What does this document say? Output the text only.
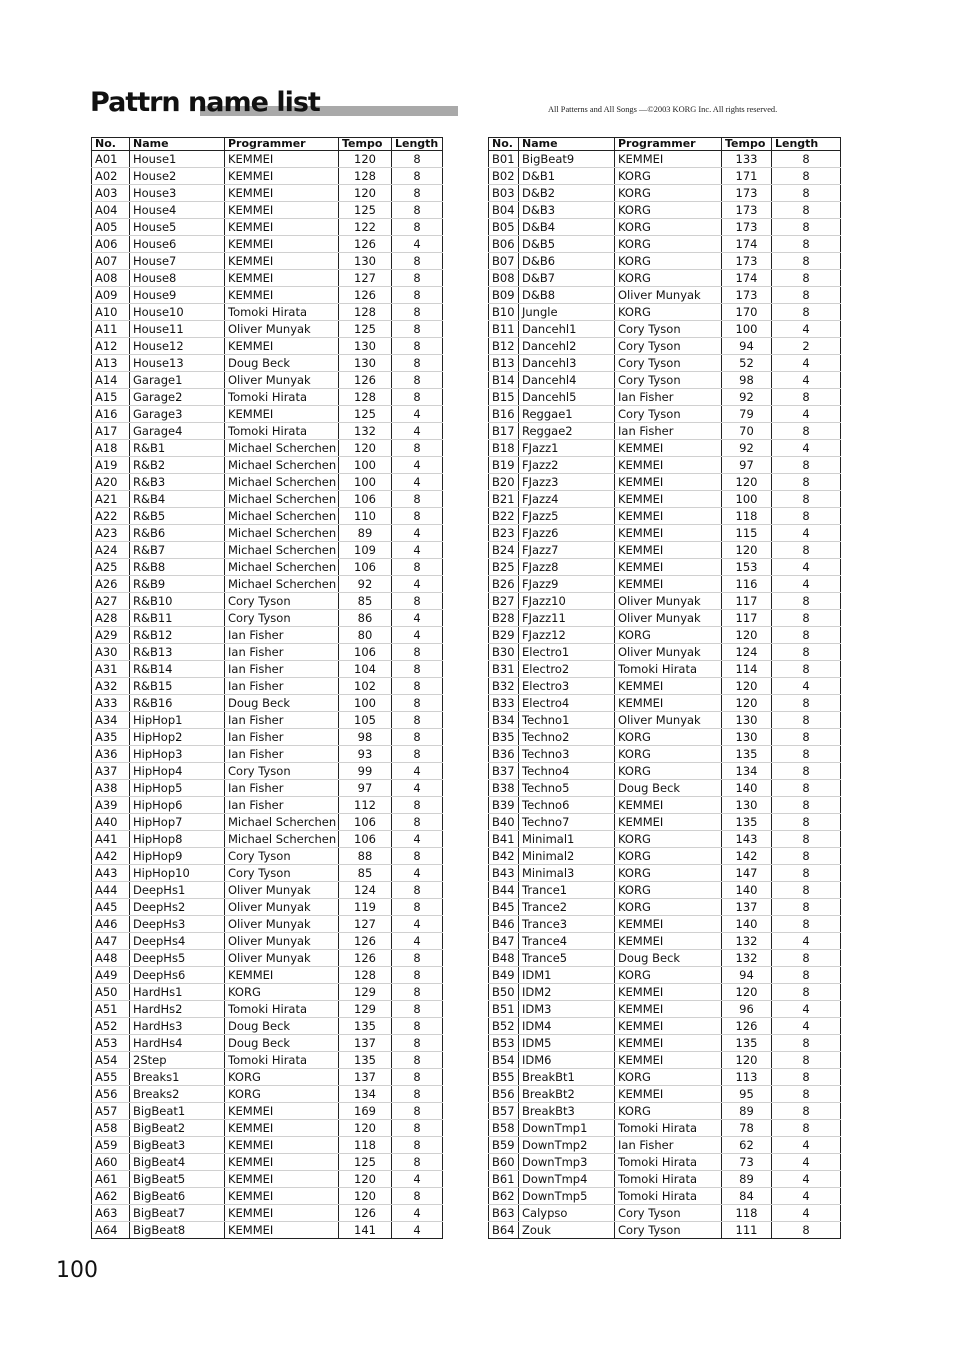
Pattrn name list	All Patterns and All Songs —©2003 KORG Inc. All rights reserved.
No.	Name	Programmer	Tempo	Length
A01	House1	KEMMEI	120	8
A02	House2	KEMMEI	128	8
A03	House3	KEMMEI	120	8
A04	House4	KEMMEI	125	8
A05	House5	KEMMEI	122	8
A06	House6	KEMMEI	126	4
A07	House7	KEMMEI	130	8
A08	House8	KEMMEI	127	8
A09	House9	KEMMEI	126	8
A10	House10	Tomoki Hirata	128	8
A11	House11	Oliver Munyak	125	8
A12	House12	KEMMEI	130	8
A13	House13	Doug Beck	130	8
A14	Garage1	Oliver Munyak	126	8
A15	Garage2	Tomoki Hirata	128	8
A16	Garage3	KEMMEI	125	4
A17	Garage4	Tomoki Hirata	132	4
A18	R&B1	Michael Scherchen	120	8
A19	R&B2	Michael Scherchen	100	4
A20	R&B3	Michael Scherchen	100	4
A21	R&B4	Michael Scherchen	106	8
A22	R&B5	Michael Scherchen	110	8
A23	R&B6	Michael Scherchen	89	4
A24	R&B7	Michael Scherchen	109	4
A25	R&B8	Michael Scherchen	106	8
A26	R&B9	Michael Scherchen	92	4
A27	R&B10	Cory Tyson	85	8
A28	R&B11	Cory Tyson	86	4
A29	R&B12	Ian Fisher	80	4
A30	R&B13	Ian Fisher	106	8
A31	R&B14	Ian Fisher	104	8
A32	R&B15	Ian Fisher	102	8
A33	R&B16	Doug Beck	100	8
A34	HipHop1	Ian Fisher	105	8
A35	HipHop2	Ian Fisher	98	8
A36	HipHop3	Ian Fisher	93	8
A37	HipHop4	Cory Tyson	99	4
A38	HipHop5	Ian Fisher	97	4
A39	HipHop6	Ian Fisher	112	8
A40	HipHop7	Michael Scherchen	106	8
A41	HipHop8	Michael Scherchen	106	4
A42	HipHop9	Cory Tyson	88	8
A43	HipHop10	Cory Tyson	85	4
A44	DeepHs1	Oliver Munyak	124	8
A45	DeepHs2	Oliver Munyak	119	8
A46	DeepHs3	Oliver Munyak	127	4
A47	DeepHs4	Oliver Munyak	126	4
A48	DeepHs5	Oliver Munyak	126	8
A49	DeepHs6	KEMMEI	128	8
A50	HardHs1	KORG	129	8
A51	HardHs2	Tomoki Hirata	129	8
A52	HardHs3	Doug Beck	135	8
A53	HardHs4	Doug Beck	137	8
A54	2Step	Tomoki Hirata	135	8
A55	Breaks1	KORG	137	8
A56	Breaks2	KORG	134	8
A57	BigBeat1	KEMMEI	169	8
A58	BigBeat2	KEMMEI	120	8
A59	BigBeat3	KEMMEI	118	8
A60	BigBeat4	KEMMEI	125	8
A61	BigBeat5	KEMMEI	120	4
A62	BigBeat6	KEMMEI	120	8
A63	BigBeat7	KEMMEI	126	4
A64	BigBeat8	KEMMEI	141	4
No.	Name	Programmer	Tempo	Length
B01	BigBeat9	KEMMEI	133	8
B02	D&B1	KORG	171	8
B03	D&B2	KORG	173	8
B04	D&B3	KORG	173	8
B05	D&B4	KORG	173	8
B06	D&B5	KORG	174	8
B07	D&B6	KORG	173	8
B08	D&B7	KORG	174	8
B09	D&B8	Oliver Munyak	173	8
B10	Jungle	KORG	170	8
B11	Dancehl1	Cory Tyson	100	4
B12	Dancehl2	Cory Tyson	94	2
B13	Dancehl3	Cory Tyson	52	4
B14	Dancehl4	Cory Tyson	98	4
B15	Dancehl5	Ian Fisher	92	8
B16	Reggae1	Cory Tyson	79	4
B17	Reggae2	Ian Fisher	70	8
B18	FJazz1	KEMMEI	92	4
B19	FJazz2	KEMMEI	97	8
B20	FJazz3	KEMMEI	120	8
B21	FJazz4	KEMMEI	100	8
B22	FJazz5	KEMMEI	118	8
B23	FJazz6	KEMMEI	115	4
B24	FJazz7	KEMMEI	120	8
B25	FJazz8	KEMMEI	153	4
B26	FJazz9	KEMMEI	116	4
B27	FJazz10	Oliver Munyak	117	8
B28	FJazz11	Oliver Munyak	117	8
B29	FJazz12	KORG	120	8
B30	Electro1	Oliver Munyak	124	8
B31	Electro2	Tomoki Hirata	114	8
B32	Electro3	KEMMEI	120	4
B33	Electro4	KEMMEI	120	8
B34	Techno1	Oliver Munyak	130	8
B35	Techno2	KORG	130	8
B36	Techno3	KORG	135	8
B37	Techno4	KORG	134	8
B38	Techno5	Doug Beck	140	8
B39	Techno6	KEMMEI	130	8
B40	Techno7	KEMMEI	135	8
B41	Minimal1	KORG	143	8
B42	Minimal2	KORG	142	8
B43	Minimal3	KORG	147	8
B44	Trance1	KORG	140	8
B45	Trance2	KORG	137	8
B46	Trance3	KEMMEI	140	8
B47	Trance4	KEMMEI	132	4
B48	Trance5	Doug Beck	132	8
B49	IDM1	KORG	94	8
B50	IDM2	KEMMEI	120	8
B51	IDM3	KEMMEI	96	4
B52	IDM4	KEMMEI	126	4
B53	IDM5	KEMMEI	135	8
B54	IDM6	KEMMEI	120	8
B55	BreakBt1	KORG	113	8
B56	BreakBt2	KEMMEI	95	8
B57	BreakBt3	KORG	89	8
B58	DownTmp1	Tomoki Hirata	78	8
B59	DownTmp2	Ian Fisher	62	4
B60	DownTmp3	Tomoki Hirata	73	4
B61	DownTmp4	Tomoki Hirata	89	4
B62	DownTmp5	Tomoki Hirata	84	4
B63	Calypso	Cory Tyson	118	4
B64	Zouk	Cory Tyson	111	8
100
